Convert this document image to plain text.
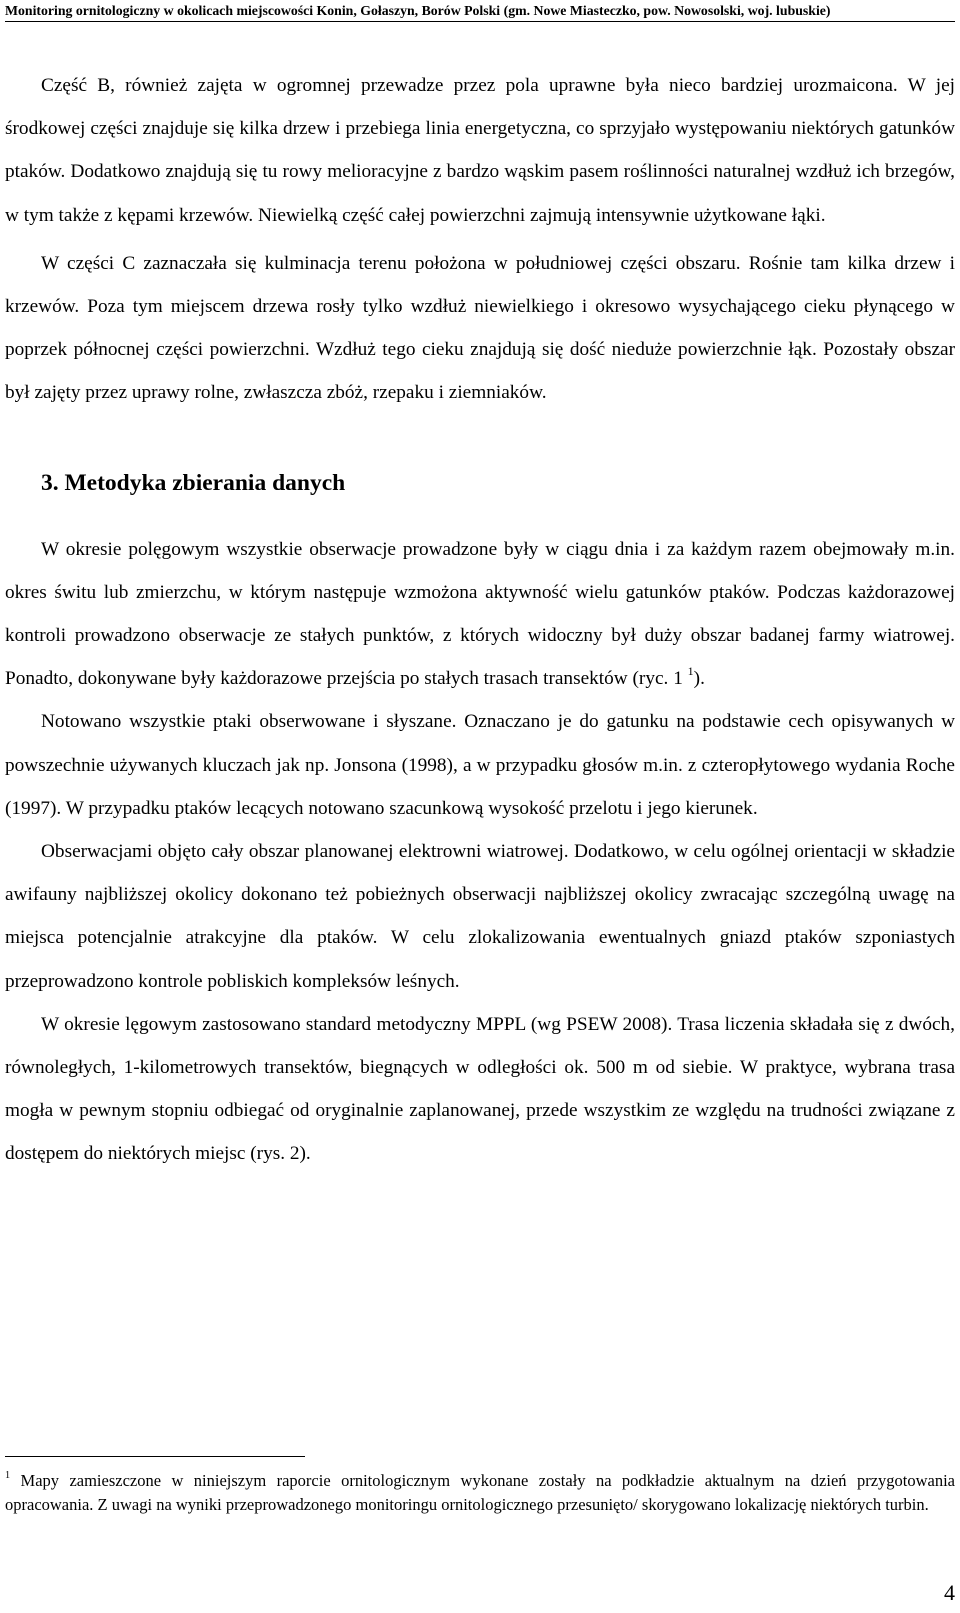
Monitoring ornitologiczny w okolicach miejscowości Konin, Gołaszyn, Borów Polski (gm. Nowe Miasteczko, pow. Nowosolski, woj. lubuskie)

Część B, również zajęta w ogromnej przewadze przez pola uprawne była nieco bardziej urozmaicona. W jej środkowej części znajduje się kilka drzew i przebiega linia energetyczna, co sprzyjało występowaniu niektórych gatunków ptaków. Dodatkowo znajdują się tu rowy melioracyjne z bardzo wąskim pasem roślinności naturalnej wzdłuż ich brzegów, w tym także z kępami krzewów. Niewielką część całej powierzchni zajmują intensywnie użytkowane łąki.

W części C zaznaczała się kulminacja terenu położona w południowej części obszaru. Rośnie tam kilka drzew i krzewów. Poza tym miejscem drzewa rosły tylko wzdłuż niewielkiego i okresowo wysychającego cieku płynącego w poprzek północnej części powierzchni. Wzdłuż tego cieku znajdują się dość nieduże powierzchnie łąk. Pozostały obszar był zajęty przez uprawy rolne, zwłaszcza zbóż, rzepaku i ziemniaków.

3. Metodyka zbierania danych

W okresie polęgowym wszystkie obserwacje prowadzone były w ciągu dnia i za każdym razem obejmowały m.in. okres świtu lub zmierzchu, w którym następuje wzmożona aktywność wielu gatunków ptaków. Podczas każdorazowej kontroli prowadzono obserwacje ze stałych punktów, z których widoczny był duży obszar badanej farmy wiatrowej. Ponadto, dokonywane były każdorazowe przejścia po stałych trasach transektów (ryc. 1 $^1$).

Notowano wszystkie ptaki obserwowane i słyszane. Oznaczano je do gatunku na podstawie cech opisywanych w powszechnie używanych kluczach jak np. Jonsona (1998), a w przypadku głosów m.in. z czteropłytowego wydania Roche (1997). W przypadku ptaków lecących notowano szacunkową wysokość przelotu i jego kierunek.

Obserwacjami objęto cały obszar planowanej elektrowni wiatrowej. Dodatkowo, w celu ogólnej orientacji w składzie awifauny najbliższej okolicy dokonano też pobieżnych obserwacji najbliższej okolicy zwracając szczególną uwagę na miejsca potencjalnie atrakcyjne dla ptaków. W celu zlokalizowania ewentualnych gniazd ptaków szponiastych przeprowadzono kontrole pobliskich kompleksów leśnych.

W okresie lęgowym zastosowano standard metodyczny MPPL (wg PSEW 2008). Trasa liczenia składała się z dwóch, równoległych, 1-kilometrowych transektów, biegnących w odległości ok. 500 m od siebie. W praktyce, wybrana trasa mogła w pewnym stopniu odbiegać od oryginalnie zaplanowanej, przede wszystkim ze względu na trudności związane z dostępem do niektórych miejsc (rys. 2).

$^1$ Mapy zamieszczone w niniejszym raporcie ornitologicznym wykonane zostały na podkładzie aktualnym na dzień przygotowania opracowania. Z uwagi na wyniki przeprowadzonego monitoringu ornitologicznego przesunięto/ skorygowano lokalizację niektórych turbin.
4
